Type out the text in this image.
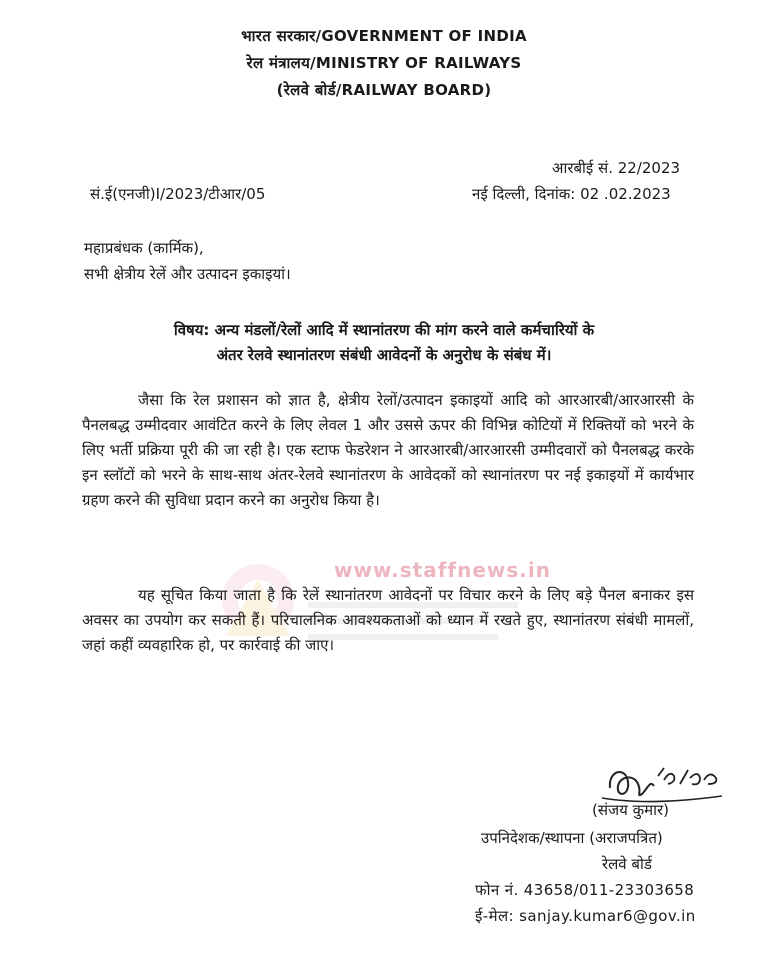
भारत सरकार/GOVERNMENT OF INDIA
रेल मंत्रालय/MINISTRY OF RAILWAYS
(रेलवे बोर्ड/RAILWAY BOARD)
आरबीई सं. 22/2023
सं.ई(एनजी)I/2023/टीआर/05	नई दिल्ली, दिनांक: 02 .02.2023
महाप्रबंधक (कार्मिक),
सभी क्षेत्रीय रेलें और उत्पादन इकाइयां।
विषय: अन्य मंडलों/रेलों आदि में स्थानांतरण की मांग करने वाले कर्मचारियों के
अंतर रेलवे स्थानांतरण संबंधी आवेदनों के अनुरोध के संबंध में।
www.staffnews.in
जैसा कि रेल प्रशासन को ज्ञात है, क्षेत्रीय रेलों/उत्पादन इकाइयों आदि को आरआरबी/आरआरसी के पैनलबद्ध उम्मीदवार आवंटित करने के लिए लेवल 1 और उससे ऊपर की विभिन्न कोटियों में रिक्तियों को भरने के लिए भर्ती प्रक्रिया पूरी की जा रही है। एक स्टाफ फेडरेशन ने आरआरबी/आरआरसी उम्मीदवारों को पैनलबद्ध करके इन स्लॉटों को भरने के साथ-साथ अंतर-रेलवे स्थानांतरण के आवेदकों को स्थानांतरण पर नई इकाइयों में कार्यभार ग्रहण करने की सुविधा प्रदान करने का अनुरोध किया है।
यह सूचित किया जाता है कि रेलें स्थानांतरण आवेदनों पर विचार करने के लिए बड़े पैनल बनाकर इस अवसर का उपयोग कर सकती हैं। परिचालनिक आवश्यकताओं को ध्यान में रखते हुए, स्थानांतरण संबंधी मामलों, जहां कहीं व्यवहारिक हो, पर कार्रवाई की जाए।
(संजय कुमार)
उपनिदेशक/स्थापना (अराजपत्रित)
रेलवे बोर्ड
फोन नं. 43658/011-23303658
ई-मेल: sanjay.kumar6@gov.in
